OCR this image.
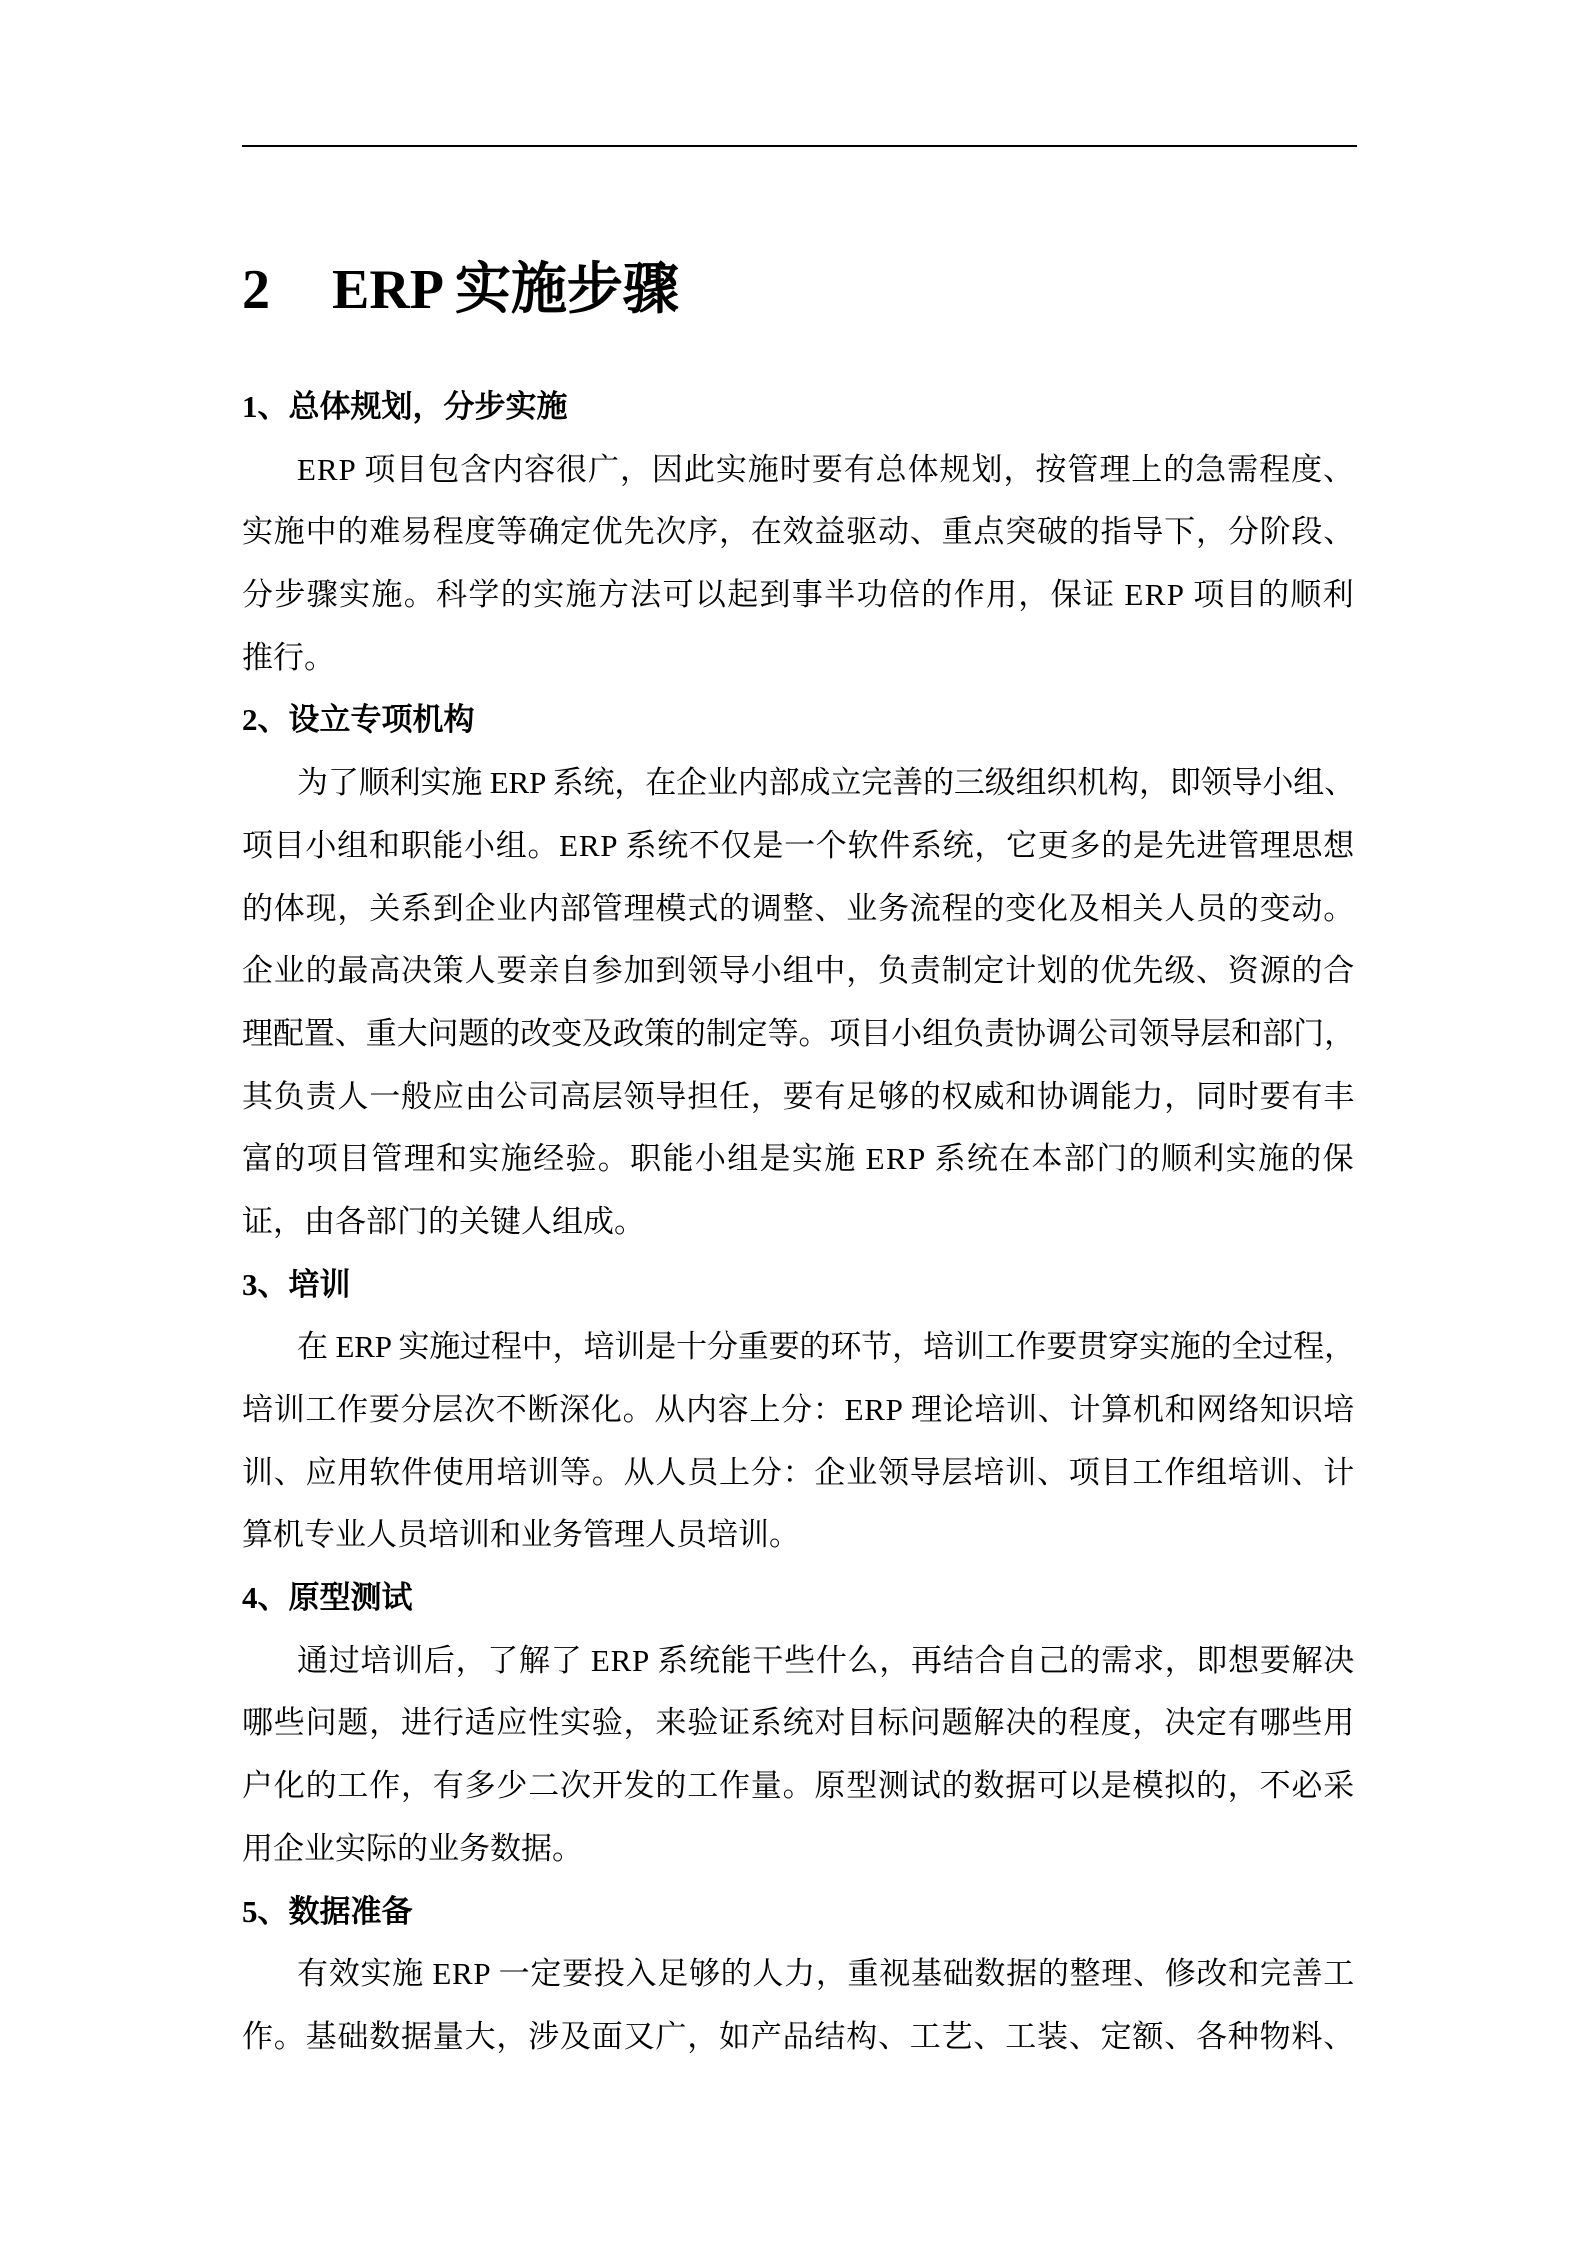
2 ERP 实施步骤
1、总体规划，分步实施
ERP 项目包含内容很广，因此实施时要有总体规划，按管理上的急需程度、
实施中的难易程度等确定优先次序，在效益驱动、重点突破的指导下，分阶段、
分步骤实施。科学的实施方法可以起到事半功倍的作用，保证 ERP 项目的顺利
推行。
2、设立专项机构
为了顺利实施 ERP 系统，在企业内部成立完善的三级组织机构，即领导小组、
项目小组和职能小组。ERP 系统不仅是一个软件系统，它更多的是先进管理思想
的体现，关系到企业内部管理模式的调整、业务流程的变化及相关人员的变动。
企业的最高决策人要亲自参加到领导小组中，负责制定计划的优先级、资源的合
理配置、重大问题的改变及政策的制定等。项目小组负责协调公司领导层和部门，
其负责人一般应由公司高层领导担任，要有足够的权威和协调能力，同时要有丰
富的项目管理和实施经验。职能小组是实施 ERP 系统在本部门的顺利实施的保
证，由各部门的关键人组成。
3、培训
在 ERP 实施过程中，培训是十分重要的环节，培训工作要贯穿实施的全过程，
培训工作要分层次不断深化。从内容上分：ERP 理论培训、计算机和网络知识培
训、应用软件使用培训等。从人员上分：企业领导层培训、项目工作组培训、计
算机专业人员培训和业务管理人员培训。
4、原型测试
通过培训后，了解了 ERP 系统能干些什么，再结合自己的需求，即想要解决
哪些问题，进行适应性实验，来验证系统对目标问题解决的程度，决定有哪些用
户化的工作，有多少二次开发的工作量。原型测试的数据可以是模拟的，不必采
用企业实际的业务数据。
5、数据准备
有效实施 ERP 一定要投入足够的人力，重视基础数据的整理、修改和完善工
作。基础数据量大，涉及面又广，如产品结构、工艺、工装、定额、各种物料、
